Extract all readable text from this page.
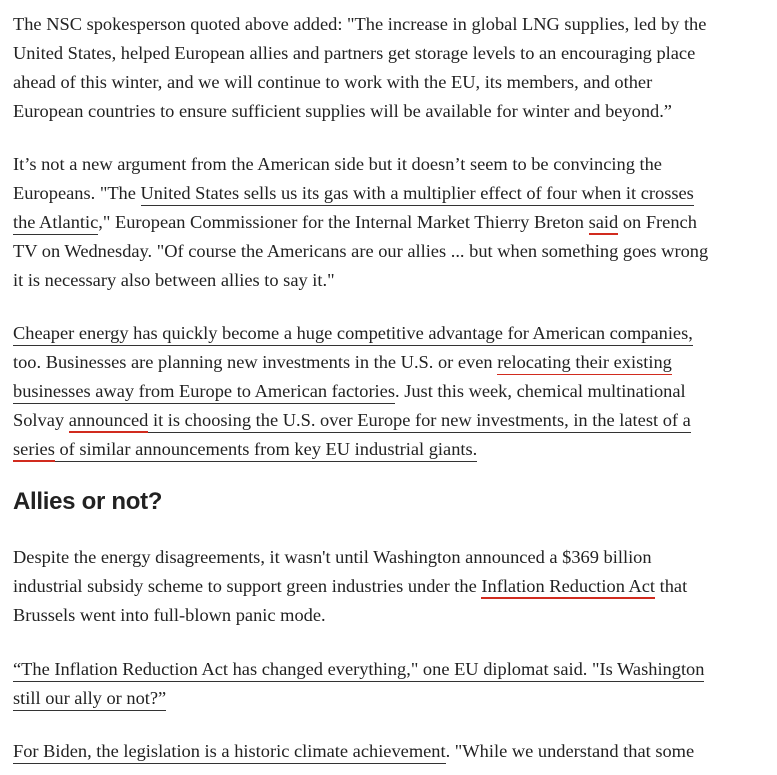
The NSC spokesperson quoted above added: "The increase in global LNG supplies, led by the
United States, helped European allies and partners get storage levels to an encouraging place
ahead of this winter, and we will continue to work with the EU, its members, and other
European countries to ensure sufficient supplies will be available for winter and beyond.”

It’s not a new argument from the American side but it doesn’t seem to be convincing the
Europeans. "The United States sells us its gas with a multiplier effect of four when it crosses
the Atlantic," European Commissioner for the Internal Market Thierry Breton said on French
TV on Wednesday. "Of course the Americans are our allies ... but when something goes wrong
it is necessary also between allies to say it."

Cheaper energy has quickly become a huge competitive advantage for American companies,
too. Businesses are planning new investments in the U.S. or even relocating their existing
businesses away from Europe to American factories. Just this week, chemical multinational
Solvay announced it is choosing the U.S. over Europe for new investments, in the latest of a
series of similar announcements from key EU industrial giants.

Allies or not?

Despite the energy disagreements, it wasn't until Washington announced a $369 billion
industrial subsidy scheme to support green industries under the Inflation Reduction Act that
Brussels went into full-blown panic mode.

“The Inflation Reduction Act has changed everything," one EU diplomat said. "Is Washington
still our ally or not?”

For Biden, the legislation is a historic climate achievement. "While we understand that some
